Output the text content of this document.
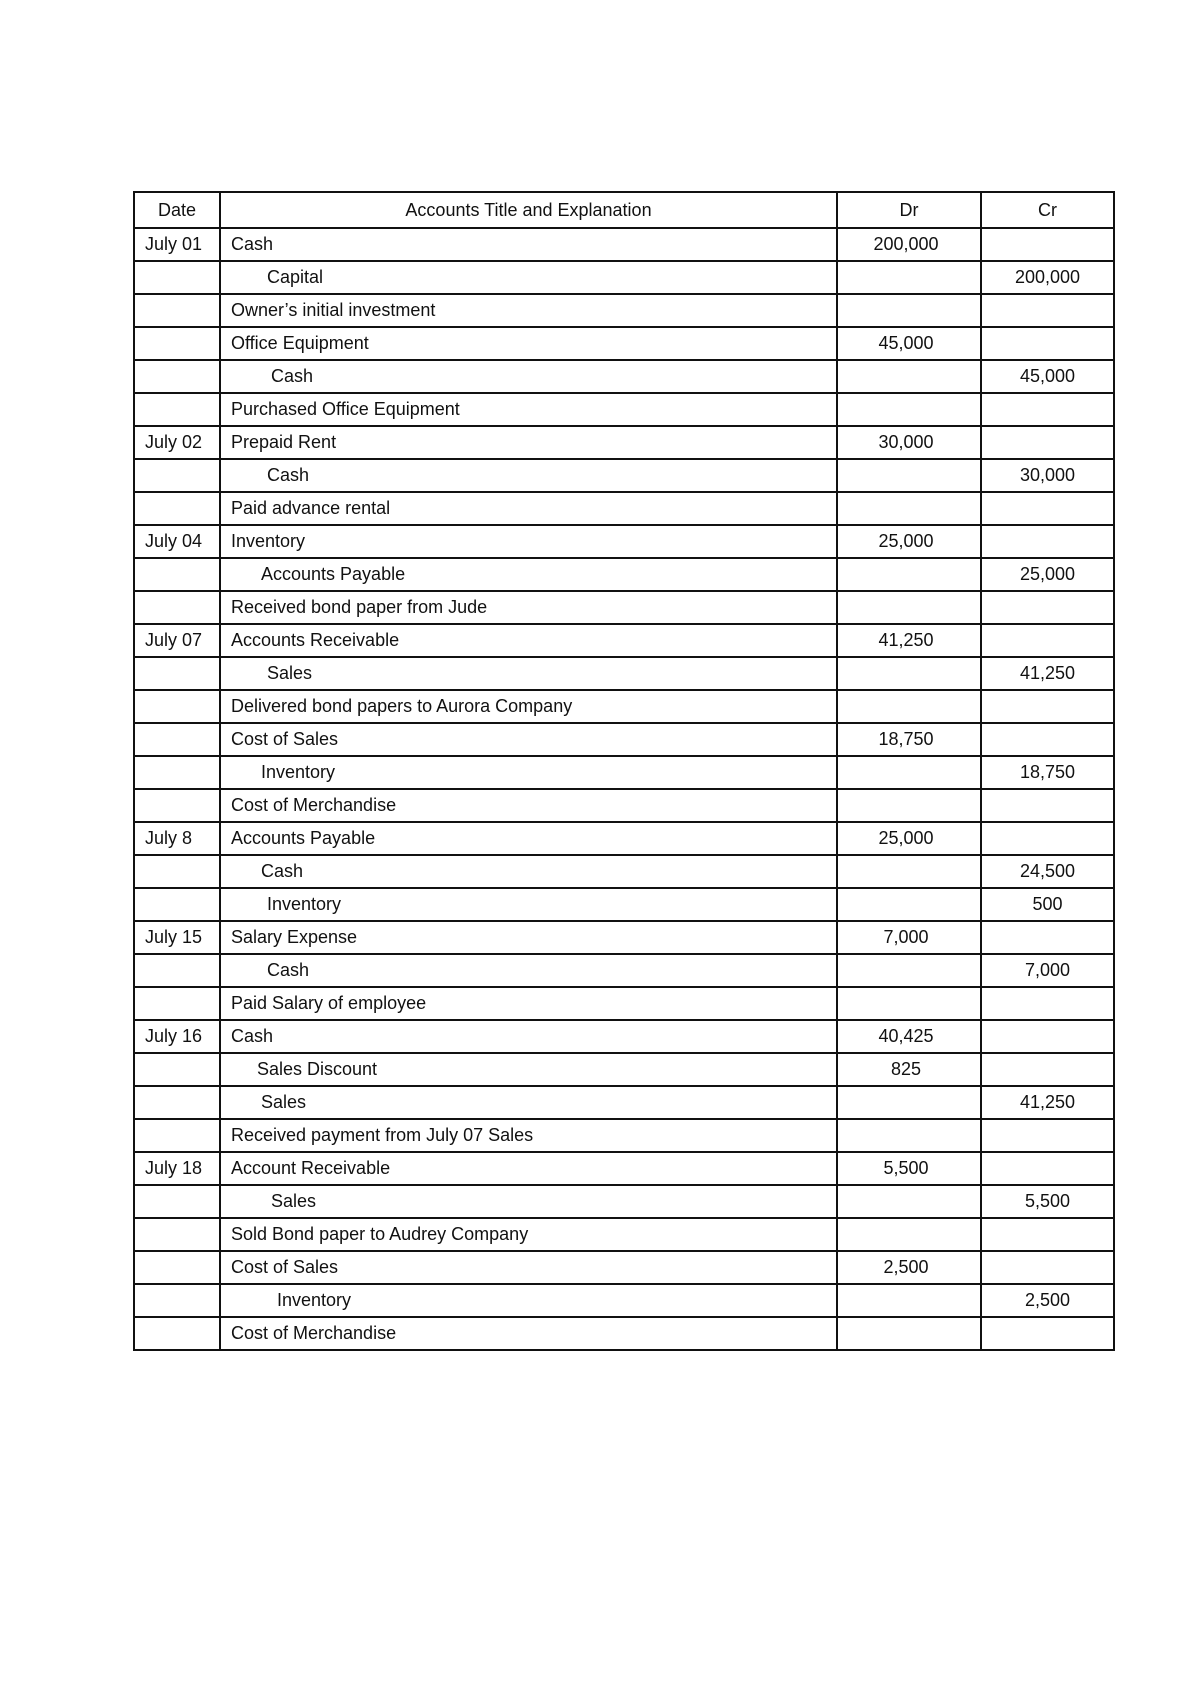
Date	Accounts Title and Explanation	Dr	Cr
July 01	Cash	200,000	
	Capital		200,000
	Owner’s initial investment		
	Office Equipment	45,000	
	Cash		45,000
	Purchased Office Equipment		
July 02	Prepaid Rent	30,000	
	Cash		30,000
	Paid advance rental		
July 04	Inventory	25,000	
	Accounts Payable		25,000
	Received bond paper from Jude		
July 07	Accounts Receivable	41,250	
	Sales		41,250
	Delivered bond papers to Aurora Company		
	Cost of Sales	18,750	
	Inventory		18,750
	Cost of Merchandise		
July 8	Accounts Payable	25,000	
	Cash		24,500
	Inventory		500
July 15	Salary Expense	7,000	
	Cash		7,000
	Paid Salary of employee		
July 16	Cash	40,425	
	Sales Discount	825	
	Sales		41,250
	Received payment from July 07 Sales		
July 18	Account Receivable	5,500	
	Sales		5,500
	Sold Bond paper to Audrey Company		
	Cost of Sales	2,500	
	Inventory		2,500
	Cost of Merchandise		
